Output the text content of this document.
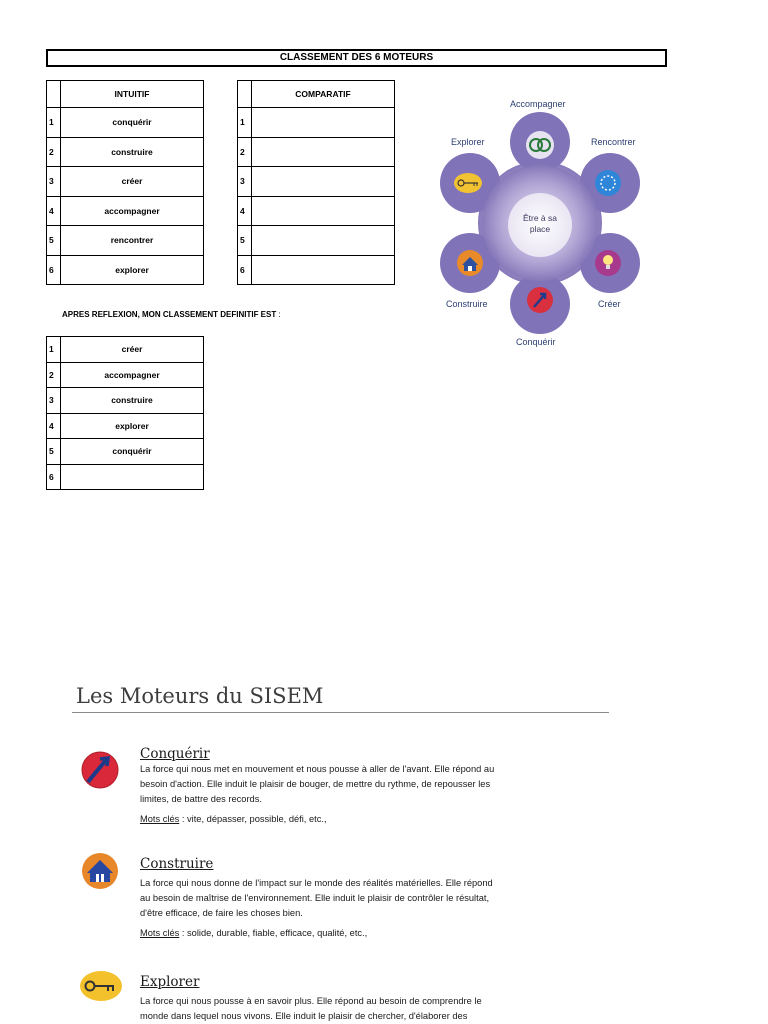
CLASSEMENT DES 6 MOTEURS
	INTUITIF
1	conquérir
2	construire
3	créer
4	accompagner
5	rencontrer
6	explorer
	COMPARATIF
1	
2	
3	
4	
5	
6	
Accompagner
Explorer	Rencontrer
Construire	Créer
Conquérir
Être à sa
place
APRES REFLEXION, MON CLASSEMENT DEFINITIF EST :
1	créer
2	accompagner
3	construire
4	explorer
5	conquérir
6	
Les Moteurs du SISEM
Conquérir
La force qui nous met en mouvement et nous pousse à aller de l'avant. Elle répond au
besoin d'action. Elle induit le plaisir de bouger, de mettre du rythme, de repousser les
limites, de battre des records.
Mots clés : vite, dépasser, possible, défi, etc.,
Construire
La force qui nous donne de l'impact sur le monde des réalités matérielles. Elle répond
au besoin de maîtrise de l'environnement. Elle induit le plaisir de contrôler le résultat,
d'être efficace, de faire les choses bien.
Mots clés : solide, durable, fiable, efficace, qualité, etc.,
Explorer
La force qui nous pousse à en savoir plus. Elle répond au besoin de comprendre le
monde dans lequel nous vivons. Elle induit le plaisir de chercher, d'élaborer des
